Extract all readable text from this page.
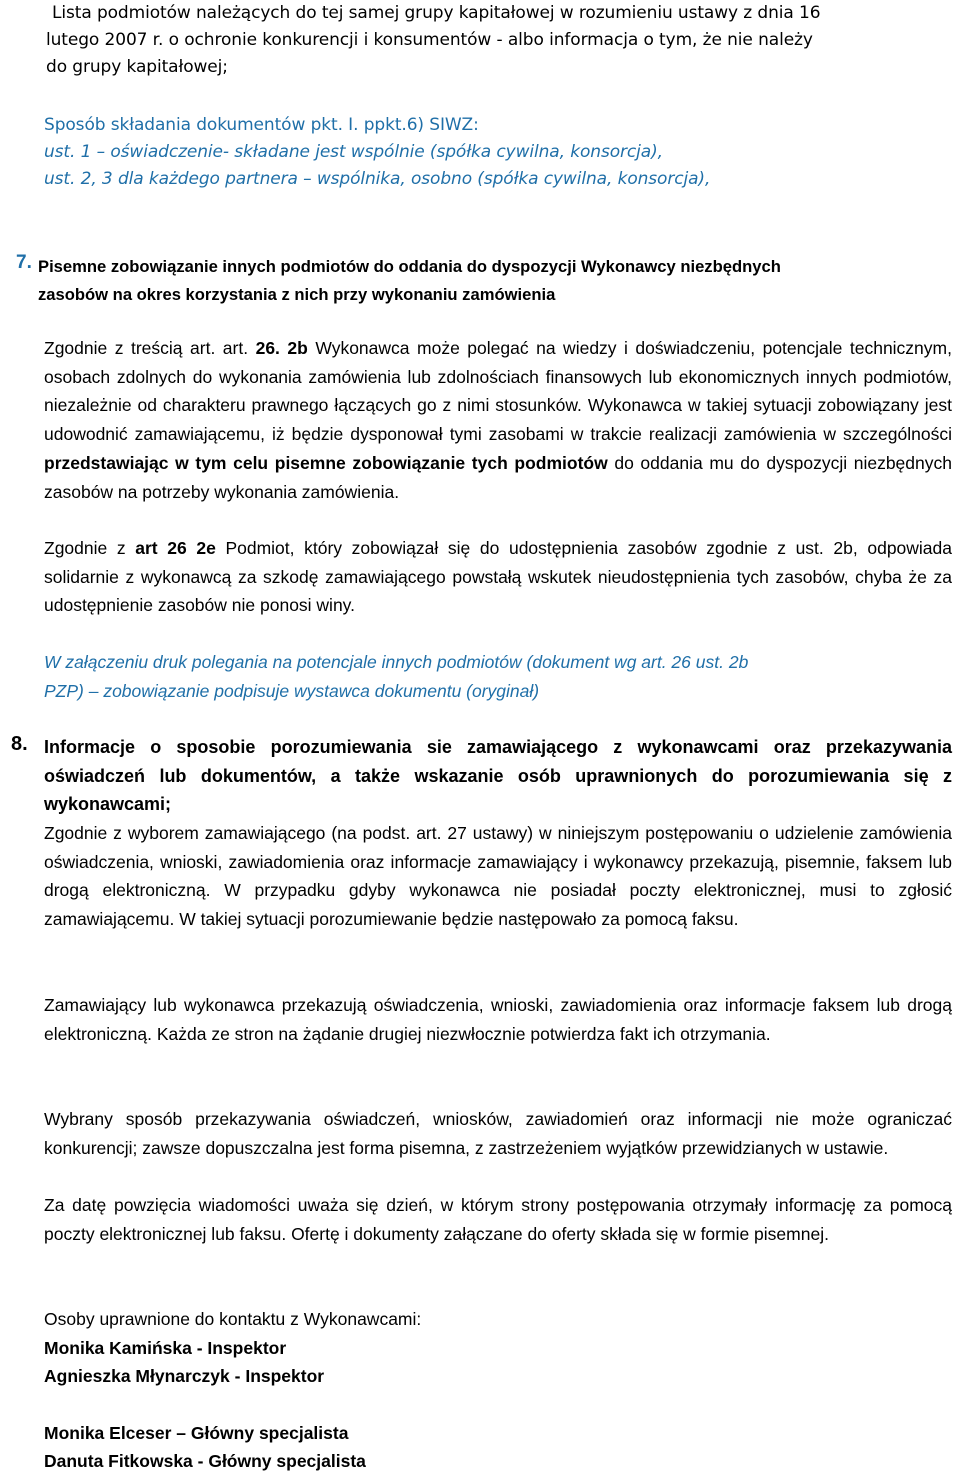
Lista podmiotów należących do tej samej grupy kapitałowej w rozumieniu ustawy z dnia 16
lutego 2007 r. o ochronie konkurencji i konsumentów - albo informacja o tym, że nie należy
do grupy kapitałowej;
Sposób składania dokumentów pkt. I. ppkt.6) SIWZ:
ust. 1 – oświadczenie- składane jest wspólnie (spółka cywilna, konsorcja),
ust. 2, 3 dla każdego partnera – wspólnika, osobno (spółka cywilna, konsorcja),
7. Pisemne zobowiązanie innych podmiotów do oddania do dyspozycji Wykonawcy niezbędnych
zasobów na okres korzystania z nich przy wykonaniu zamówienia
Zgodnie z treścią art. art. 26. 2b Wykonawca może polegać na wiedzy i doświadczeniu, potencjale technicznym, osobach zdolnych do wykonania zamówienia lub zdolnościach finansowych lub ekonomicznych innych podmiotów, niezależnie od charakteru prawnego łączących go z nimi stosunków. Wykonawca w takiej sytuacji zobowiązany jest udowodnić zamawiającemu, iż będzie dysponował tymi zasobami w trakcie realizacji zamówienia w szczególności przedstawiając w tym celu pisemne zobowiązanie tych podmiotów do oddania mu do dyspozycji niezbędnych zasobów na potrzeby wykonania zamówienia.
Zgodnie z art 26 2e Podmiot, który zobowiązał się do udostępnienia zasobów zgodnie z ust. 2b, odpowiada solidarnie z wykonawcą za szkodę zamawiającego powstałą wskutek nieudostępnienia tych zasobów, chyba że za udostępnienie zasobów nie ponosi winy.
W załączeniu druk polegania na potencjale innych podmiotów (dokument wg art. 26 ust. 2b
PZP) – zobowiązanie podpisuje wystawca dokumentu (oryginał)
8. Informacje o sposobie porozumiewania sie zamawiającego z wykonawcami oraz przekazywania oświadczeń lub dokumentów, a także wskazanie osób uprawnionych do porozumiewania się z wykonawcami;
Zgodnie z wyborem zamawiającego (na podst. art. 27 ustawy) w niniejszym postępowaniu o udzielenie zamówienia oświadczenia, wnioski, zawiadomienia oraz informacje zamawiający i wykonawcy przekazują, pisemnie, faksem lub drogą elektroniczną. W przypadku gdyby wykonawca nie posiadał poczty elektronicznej, musi to zgłosić zamawiającemu. W takiej sytuacji porozumiewanie będzie następowało za pomocą faksu.
Zamawiający lub wykonawca przekazują oświadczenia, wnioski, zawiadomienia oraz informacje faksem lub drogą elektroniczną. Każda ze stron na żądanie drugiej niezwłocznie potwierdza fakt ich otrzymania.
Wybrany sposób przekazywania oświadczeń, wniosków, zawiadomień oraz informacji nie może ograniczać konkurencji; zawsze dopuszczalna jest forma pisemna, z zastrzeżeniem wyjątków przewidzianych w ustawie.
Za datę powzięcia wiadomości uważa się dzień, w którym strony postępowania otrzymały informację za pomocą poczty elektronicznej lub faksu. Ofertę i dokumenty załączane do oferty składa się w formie pisemnej.
Osoby uprawnione do kontaktu z Wykonawcami:
Monika Kamińska - Inspektor
Agnieszka Młynarczyk - Inspektor
Monika Elceser – Główny specjalista
Danuta Fitkowska - Główny specjalista
